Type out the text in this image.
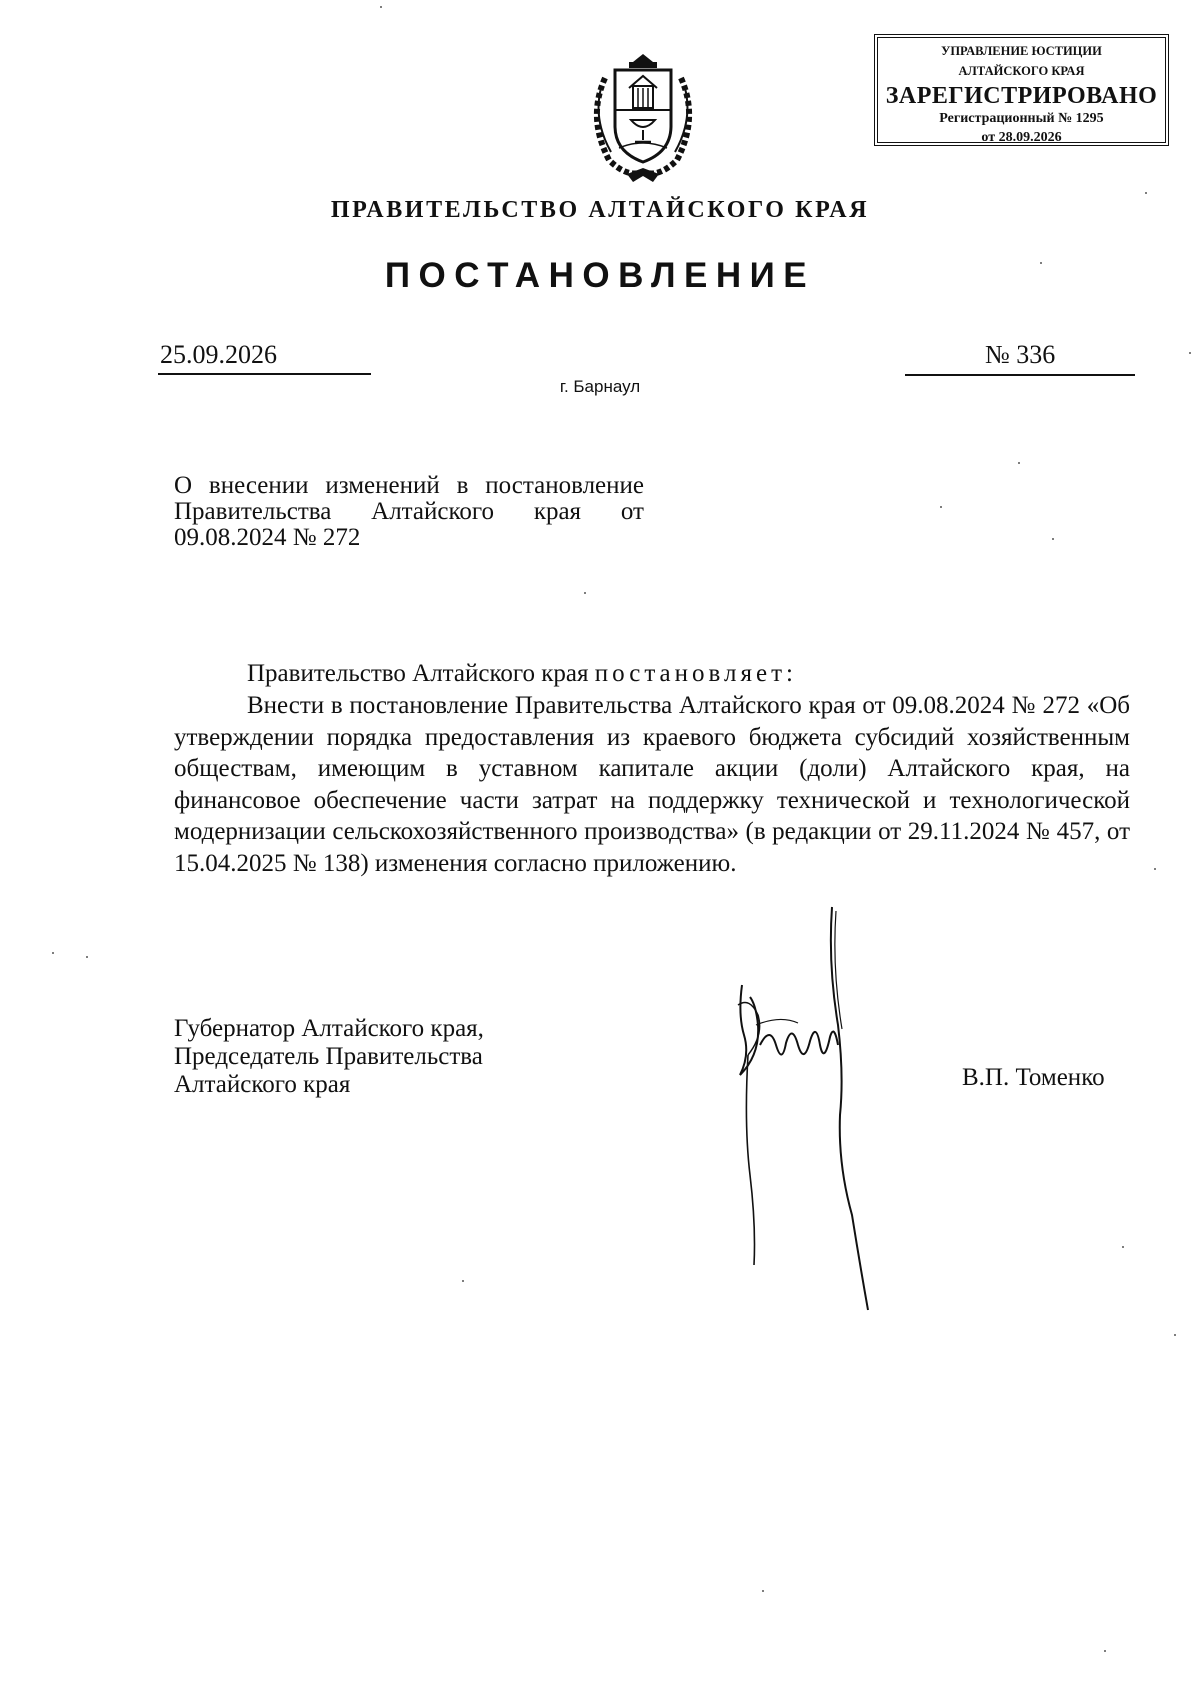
УПРАВЛЕНИЕ ЮСТИЦИИ
АЛТАЙСКОГО КРАЯ
ЗАРЕГИСТРИРОВАНО
Регистрационный № 1295
от 28.09.2026
ПРАВИТЕЛЬСТВО АЛТАЙСКОГО КРАЯ
ПОСТАНОВЛЕНИЕ
25.09.2026	№ 336
г. Барнаул
О внесении изменений в постановление Правительства Алтайского края от 09.08.2024 № 272
Правительство Алтайского края постановляет:
Внести в постановление Правительства Алтайского края от 09.08.2024 № 272 «Об утверждении порядка предоставления из краевого бюджета субсидий хозяйственным обществам, имеющим в уставном капитале акции (доли) Алтайского края, на финансовое обеспечение части затрат на поддержку технической и технологической модернизации сельскохозяйственного производства» (в редакции от 29.11.2024 № 457, от 15.04.2025 № 138) изменения согласно приложению.
Губернатор Алтайского края,
Председатель Правительства
Алтайского края	В.П. Томенко
